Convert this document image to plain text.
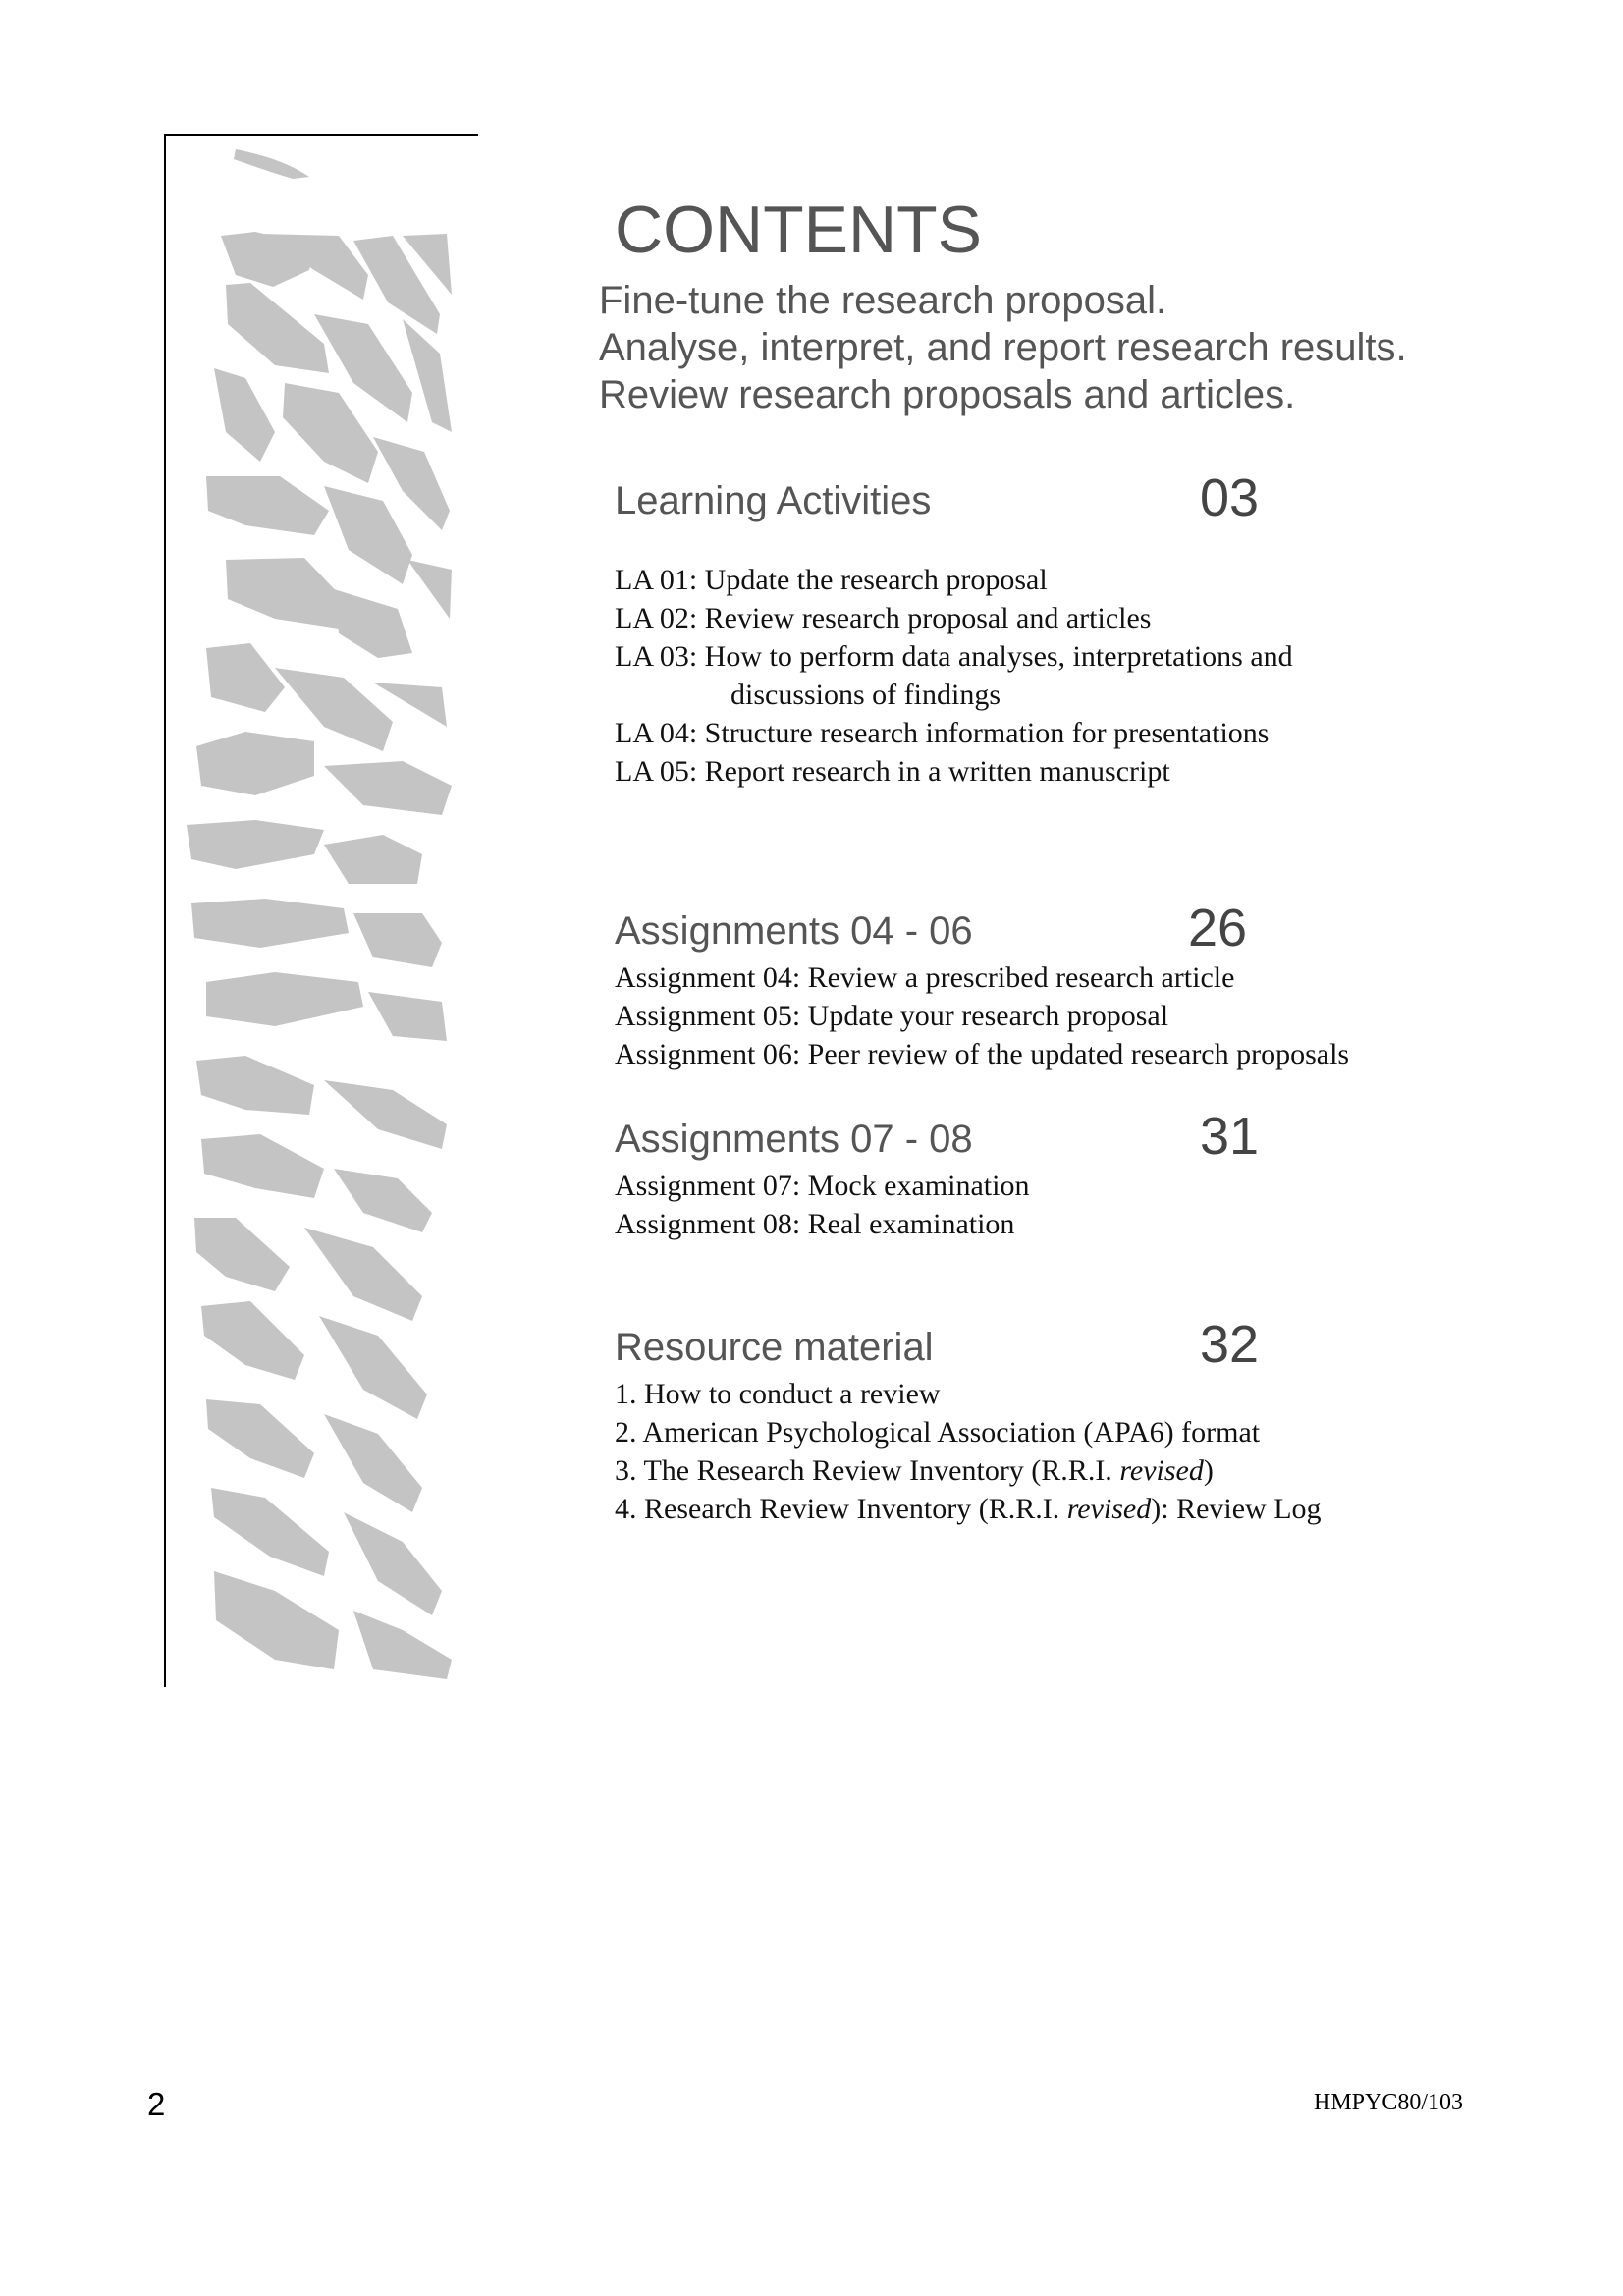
CONTENTS
Fine-tune the research proposal.
Analyse, interpret, and report research results.
Review research proposals and articles.
Learning Activities	03
LA 01: Update the research proposal
LA 02: Review research proposal and articles
LA 03: How to perform data analyses, interpretations and
discussions of findings
LA 04: Structure research information for presentations
LA 05: Report research in a written manuscript
Assignments 04 - 06	26
Assignment 04: Review a prescribed research article
Assignment 05: Update your research proposal
Assignment 06: Peer review of the updated research proposals
Assignments 07 - 08	31
Assignment 07: Mock examination
Assignment 08: Real examination
Resource material	32
1. How to conduct a review
2. American Psychological Association (APA6) format
3. The Research Review Inventory (R.R.I. revised)
4. Research Review Inventory (R.R.I. revised): Review Log
2	HMPYC80/103
